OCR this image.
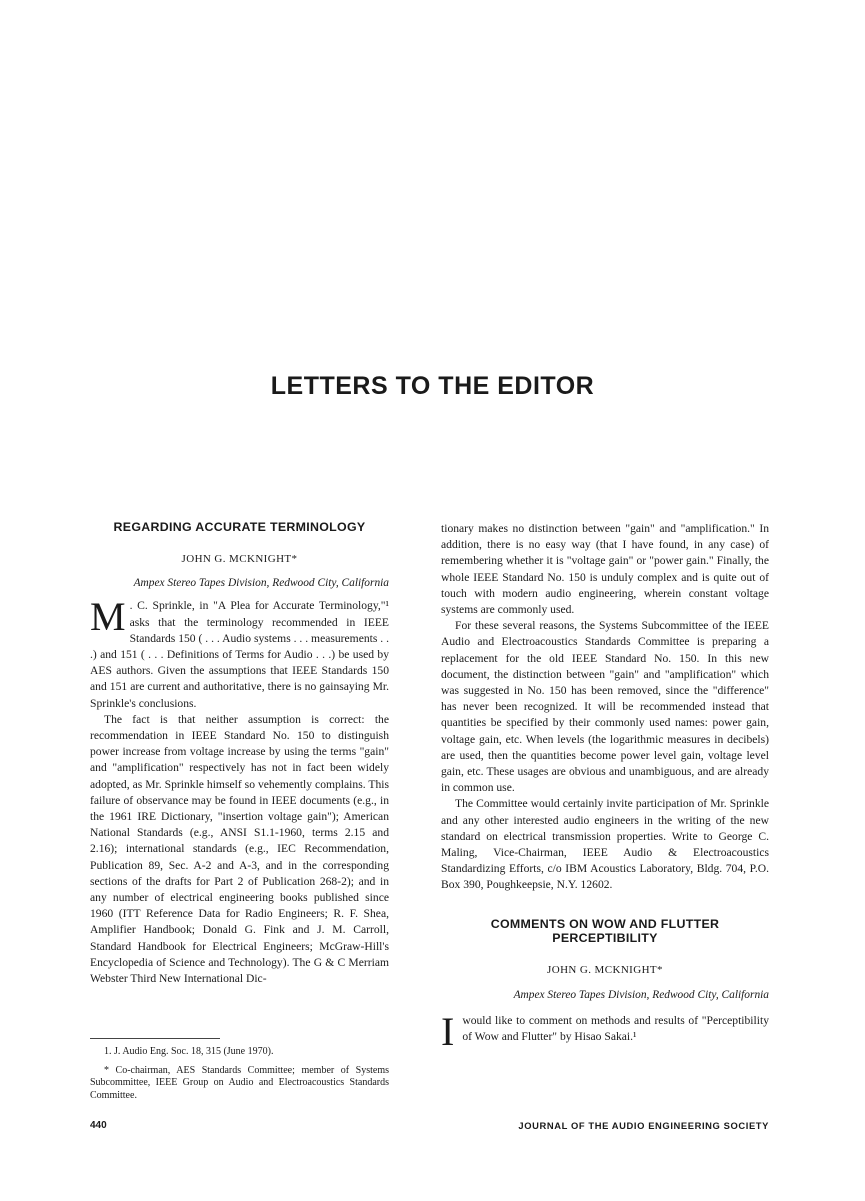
LETTERS TO THE EDITOR
REGARDING ACCURATE TERMINOLOGY
JOHN G. MCKNIGHT*
Ampex Stereo Tapes Division, Redwood City, California

M . C. Sprinkle, in "A Plea for Accurate Terminology,"¹ asks that the terminology recommended in IEEE Standards 150 ( . . . Audio systems . . . measurements . . .) and 151 ( . . . Definitions of Terms for Audio . . .) be used by AES authors. Given the assumptions that IEEE Standards 150 and 151 are current and authoritative, there is no gainsaying Mr. Sprinkle's conclusions.

The fact is that neither assumption is correct: the recommendation in IEEE Standard No. 150 to distinguish power increase from voltage increase by using the terms "gain" and "amplification" respectively has not in fact been widely adopted, as Mr. Sprinkle himself so vehemently complains. This failure of observance may be found in IEEE documents (e.g., in the 1961 IRE Dictionary, "insertion voltage gain"); American National Standards (e.g., ANSI S1.1-1960, terms 2.15 and 2.16); international standards (e.g., IEC Recommendation, Publication 89, Sec. A-2 and A-3, and in the corresponding sections of the drafts for Part 2 of Publication 268-2); and in any number of electrical engineering books published since 1960 (ITT Reference Data for Radio Engineers; R. F. Shea, Amplifier Handbook; Donald G. Fink and J. M. Carroll, Standard Handbook for Electrical Engineers; McGraw-Hill's Encyclopedia of Science and Technology). The G & C Merriam Webster Third New International Dic-

1. J. Audio Eng. Soc. 18, 315 (June 1970).

* Co-chairman, AES Standards Committee; member of Systems Subcommittee, IEEE Group on Audio and Electroacoustics Standards Committee.

tionary makes no distinction between "gain" and "amplification." In addition, there is no easy way (that I have found, in any case) of remembering whether it is "voltage gain" or "power gain." Finally, the whole IEEE Standard No. 150 is unduly complex and is quite out of touch with modern audio engineering, wherein constant voltage systems are commonly used.

For these several reasons, the Systems Subcommittee of the IEEE Audio and Electroacoustics Standards Committee is preparing a replacement for the old IEEE Standard No. 150. In this new document, the distinction between "gain" and "amplification" which was suggested in No. 150 has been removed, since the "difference" has never been recognized. It will be recommended instead that quantities be specified by their commonly used names: power gain, voltage gain, etc. When levels (the logarithmic measures in decibels) are used, then the quantities become power level gain, voltage level gain, etc. These usages are obvious and unambiguous, and are already in common use.

The Committee would certainly invite participation of Mr. Sprinkle and any other interested audio engineers in the writing of the new standard on electrical transmission properties. Write to George C. Maling, Vice-Chairman, IEEE Audio & Electroacoustics Standardizing Efforts, c/o IBM Acoustics Laboratory, Bldg. 704, P.O. Box 390, Poughkeepsie, N.Y. 12602.

COMMENTS ON WOW AND FLUTTER PERCEPTIBILITY
JOHN G. MCKNIGHT*
Ampex Stereo Tapes Division, Redwood City, California

Iwould like to comment on methods and results of "Perceptibility of Wow and Flutter" by Hisao Sakai.¹

440	JOURNAL OF THE AUDIO ENGINEERING SOCIETY
